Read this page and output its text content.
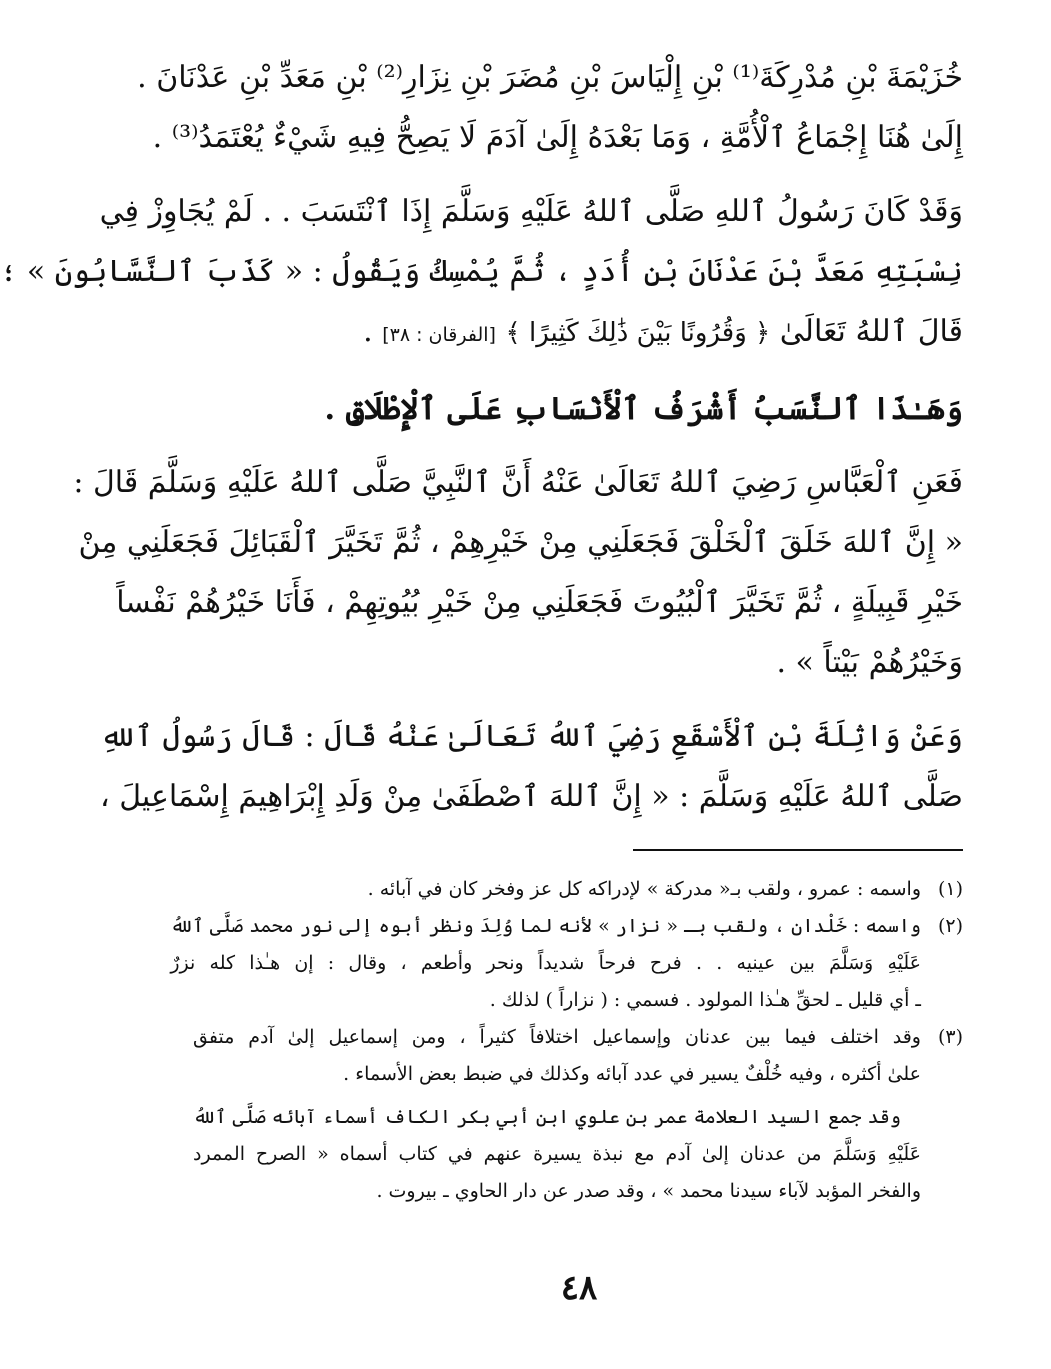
خُزَيْمَةَ بْنِ مُدْرِكَةَ⁽¹⁾ بْنِ إِلْيَاسَ بْنِ مُضَرَ بْنِ نِزَارِ⁽²⁾ بْنِ مَعَدِّ بْنِ عَدْنَانَ .
إِلَىٰ هُنَا إِجْمَاعُ ٱلْأُمَّةِ ، وَمَا بَعْدَهُ إِلَىٰ آدَمَ لَا يَصِحُّ فِيهِ شَيْءٌ يُعْتَمَدُ⁽³⁾ .
وَقَدْ كَانَ رَسُولُ ٱللهِ صَلَّى ٱللهُ عَلَيْهِ وَسَلَّمَ إِذَا ٱنْتَسَبَ . . لَمْ يُجَاوِزْ فِي
نِسْبَتِهِ مَعَدَّ بْنَ عَدْنَانَ بْنِ أُدَدٍ ، ثُمَّ يُمْسِكُ وَيَقُولُ : « كَذَبَ ٱلنَّسَّابُونَ » ؛
قَالَ ٱللهُ تَعَالَىٰ ﴿ وَقُرُونًا بَيْنَ ذَٰلِكَ كَثِيرًا ﴾ [الفرقان : ٣٨] .
وَهَـٰذَا ٱلنَّسَبُ أَشْرَفُ ٱلْأَنْسَابِ عَلَى ٱلْإِطْلَاقِ .
فَعَنِ ٱلْعَبَّاسِ رَضِيَ ٱللهُ تَعَالَىٰ عَنْهُ أَنَّ ٱلنَّبِيَّ صَلَّى ٱللهُ عَلَيْهِ وَسَلَّمَ قَالَ :
« إِنَّ ٱللهَ خَلَقَ ٱلْخَلْقَ فَجَعَلَنِي مِنْ خَيْرِهِمْ ، ثُمَّ تَخَيَّرَ ٱلْقَبَائِلَ فَجَعَلَنِي مِنْ
خَيْرِ قَبِيلَةٍ ، ثُمَّ تَخَيَّرَ ٱلْبُيُوتَ فَجَعَلَنِي مِنْ خَيْرِ بُيُوتِهِمْ ، فَأَنَا خَيْرُهُمْ نَفْساً
وَخَيْرُهُمْ بَيْتاً » .
وَعَنْ وَاثِلَةَ بْنِ ٱلْأَسْقَعِ رَضِيَ ٱللهُ تَعَالَىٰ عَنْهُ قَالَ : قَالَ رَسُولُ ٱللهِ
صَلَّى ٱللهُ عَلَيْهِ وَسَلَّمَ : « إِنَّ ٱللهَ ٱصْطَفَىٰ مِنْ وَلَدِ إِبْرَاهِيمَ إِسْمَاعِيلَ ،
(١)
واسمه : عمرو ، ولقب بـ« مدركة » لإدراكه كل عز وفخر كان في آبائه .
(٢)
واسمه : خَلْدان ، ولقب بـ « نزار » لأنه لما وُلِدَ ونظر أبوه إلى نور محمد صَلَّى ٱللهُ
عَلَيْهِ وَسَلَّمَ بين عينيه . . فرح فرحاً شديداً ونحر وأطعم ، وقال : إن هـٰذا كله نزرٌ
ـ أي قليل ـ لحقِّ هـٰذا المولود . فسمي : ( نزاراً ) لذلك .
(٣)
وقد اختلف فيما بين عدنان وإسماعيل اختلافاً كثيراً ، ومن إسماعيل إلىٰ آدم متفق
علىٰ أكثره ، وفيه خُلْفٌ يسير في عدد آبائه وكذلك في ضبط بعض الأسماء .
وقد جمع السيد العلامة عمر بن علوي ابن أبي بكر الكاف أسماء آبائه صَلَّى ٱللهُ
عَلَيْهِ وَسَلَّمَ من عدنان إلىٰ آدم مع نبذة يسيرة عنهم في كتاب أسماه « الصرح الممرد
والفخر المؤبد لآباء سيدنا محمد » ، وقد صدر عن دار الحاوي ـ بيروت .
٤٨
